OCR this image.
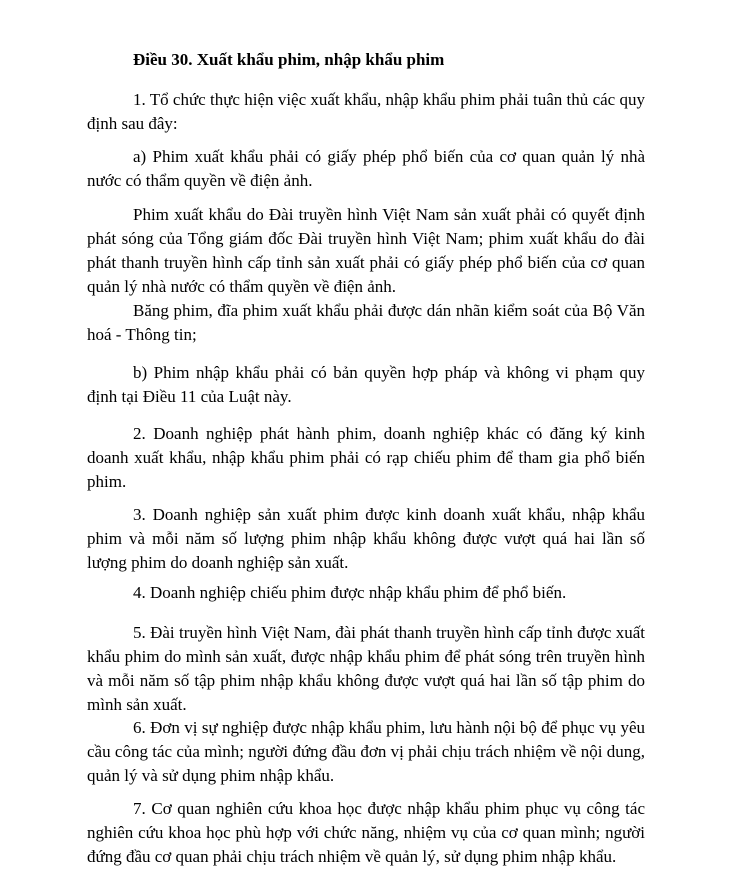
Điều 30. Xuất khẩu phim, nhập khẩu phim

1. Tổ chức thực hiện việc xuất khẩu, nhập khẩu phim phải tuân thủ các quy định sau đây:

a) Phim xuất khẩu phải có giấy phép phổ biến của cơ quan quản lý nhà nước có thẩm quyền về điện ảnh.

Phim xuất khẩu do Đài truyền hình Việt Nam sản xuất phải có quyết định phát sóng của Tổng giám đốc Đài truyền hình Việt Nam; phim xuất khẩu do đài phát thanh truyền hình cấp tỉnh sản xuất phải có giấy phép phổ biến của cơ quan quản lý nhà nước có thẩm quyền về điện ảnh.

Băng phim, đĩa phim xuất khẩu phải được dán nhãn kiểm soát của Bộ Văn hoá - Thông tin;

b) Phim nhập khẩu phải có bản quyền hợp pháp và không vi phạm quy định tại Điều 11 của Luật này.

2. Doanh nghiệp phát hành phim, doanh nghiệp khác có đăng ký kinh doanh xuất khẩu, nhập khẩu phim phải có rạp chiếu phim để tham gia phổ biến phim.

3. Doanh nghiệp sản xuất phim được kinh doanh xuất khẩu, nhập khẩu phim và mỗi năm số lượng phim nhập khẩu không được vượt quá hai lần số lượng phim do doanh nghiệp sản xuất.

4. Doanh nghiệp chiếu phim được nhập khẩu phim để phổ biến.

5. Đài truyền hình Việt Nam, đài phát thanh truyền hình cấp tỉnh được xuất khẩu phim do mình sản xuất, được nhập khẩu phim để phát sóng trên truyền hình và mỗi năm số tập phim nhập khẩu không được vượt quá hai lần số tập phim do mình sản xuất.

6. Đơn vị sự nghiệp được nhập khẩu phim, lưu hành nội bộ để phục vụ yêu cầu công tác của mình; người đứng đầu đơn vị phải chịu trách nhiệm về nội dung, quản lý và sử dụng phim nhập khẩu.

7. Cơ quan nghiên cứu khoa học được nhập khẩu phim phục vụ công tác nghiên cứu khoa học phù hợp với chức năng, nhiệm vụ của cơ quan mình; người đứng đầu cơ quan phải chịu trách nhiệm về quản lý, sử dụng phim nhập khẩu.
